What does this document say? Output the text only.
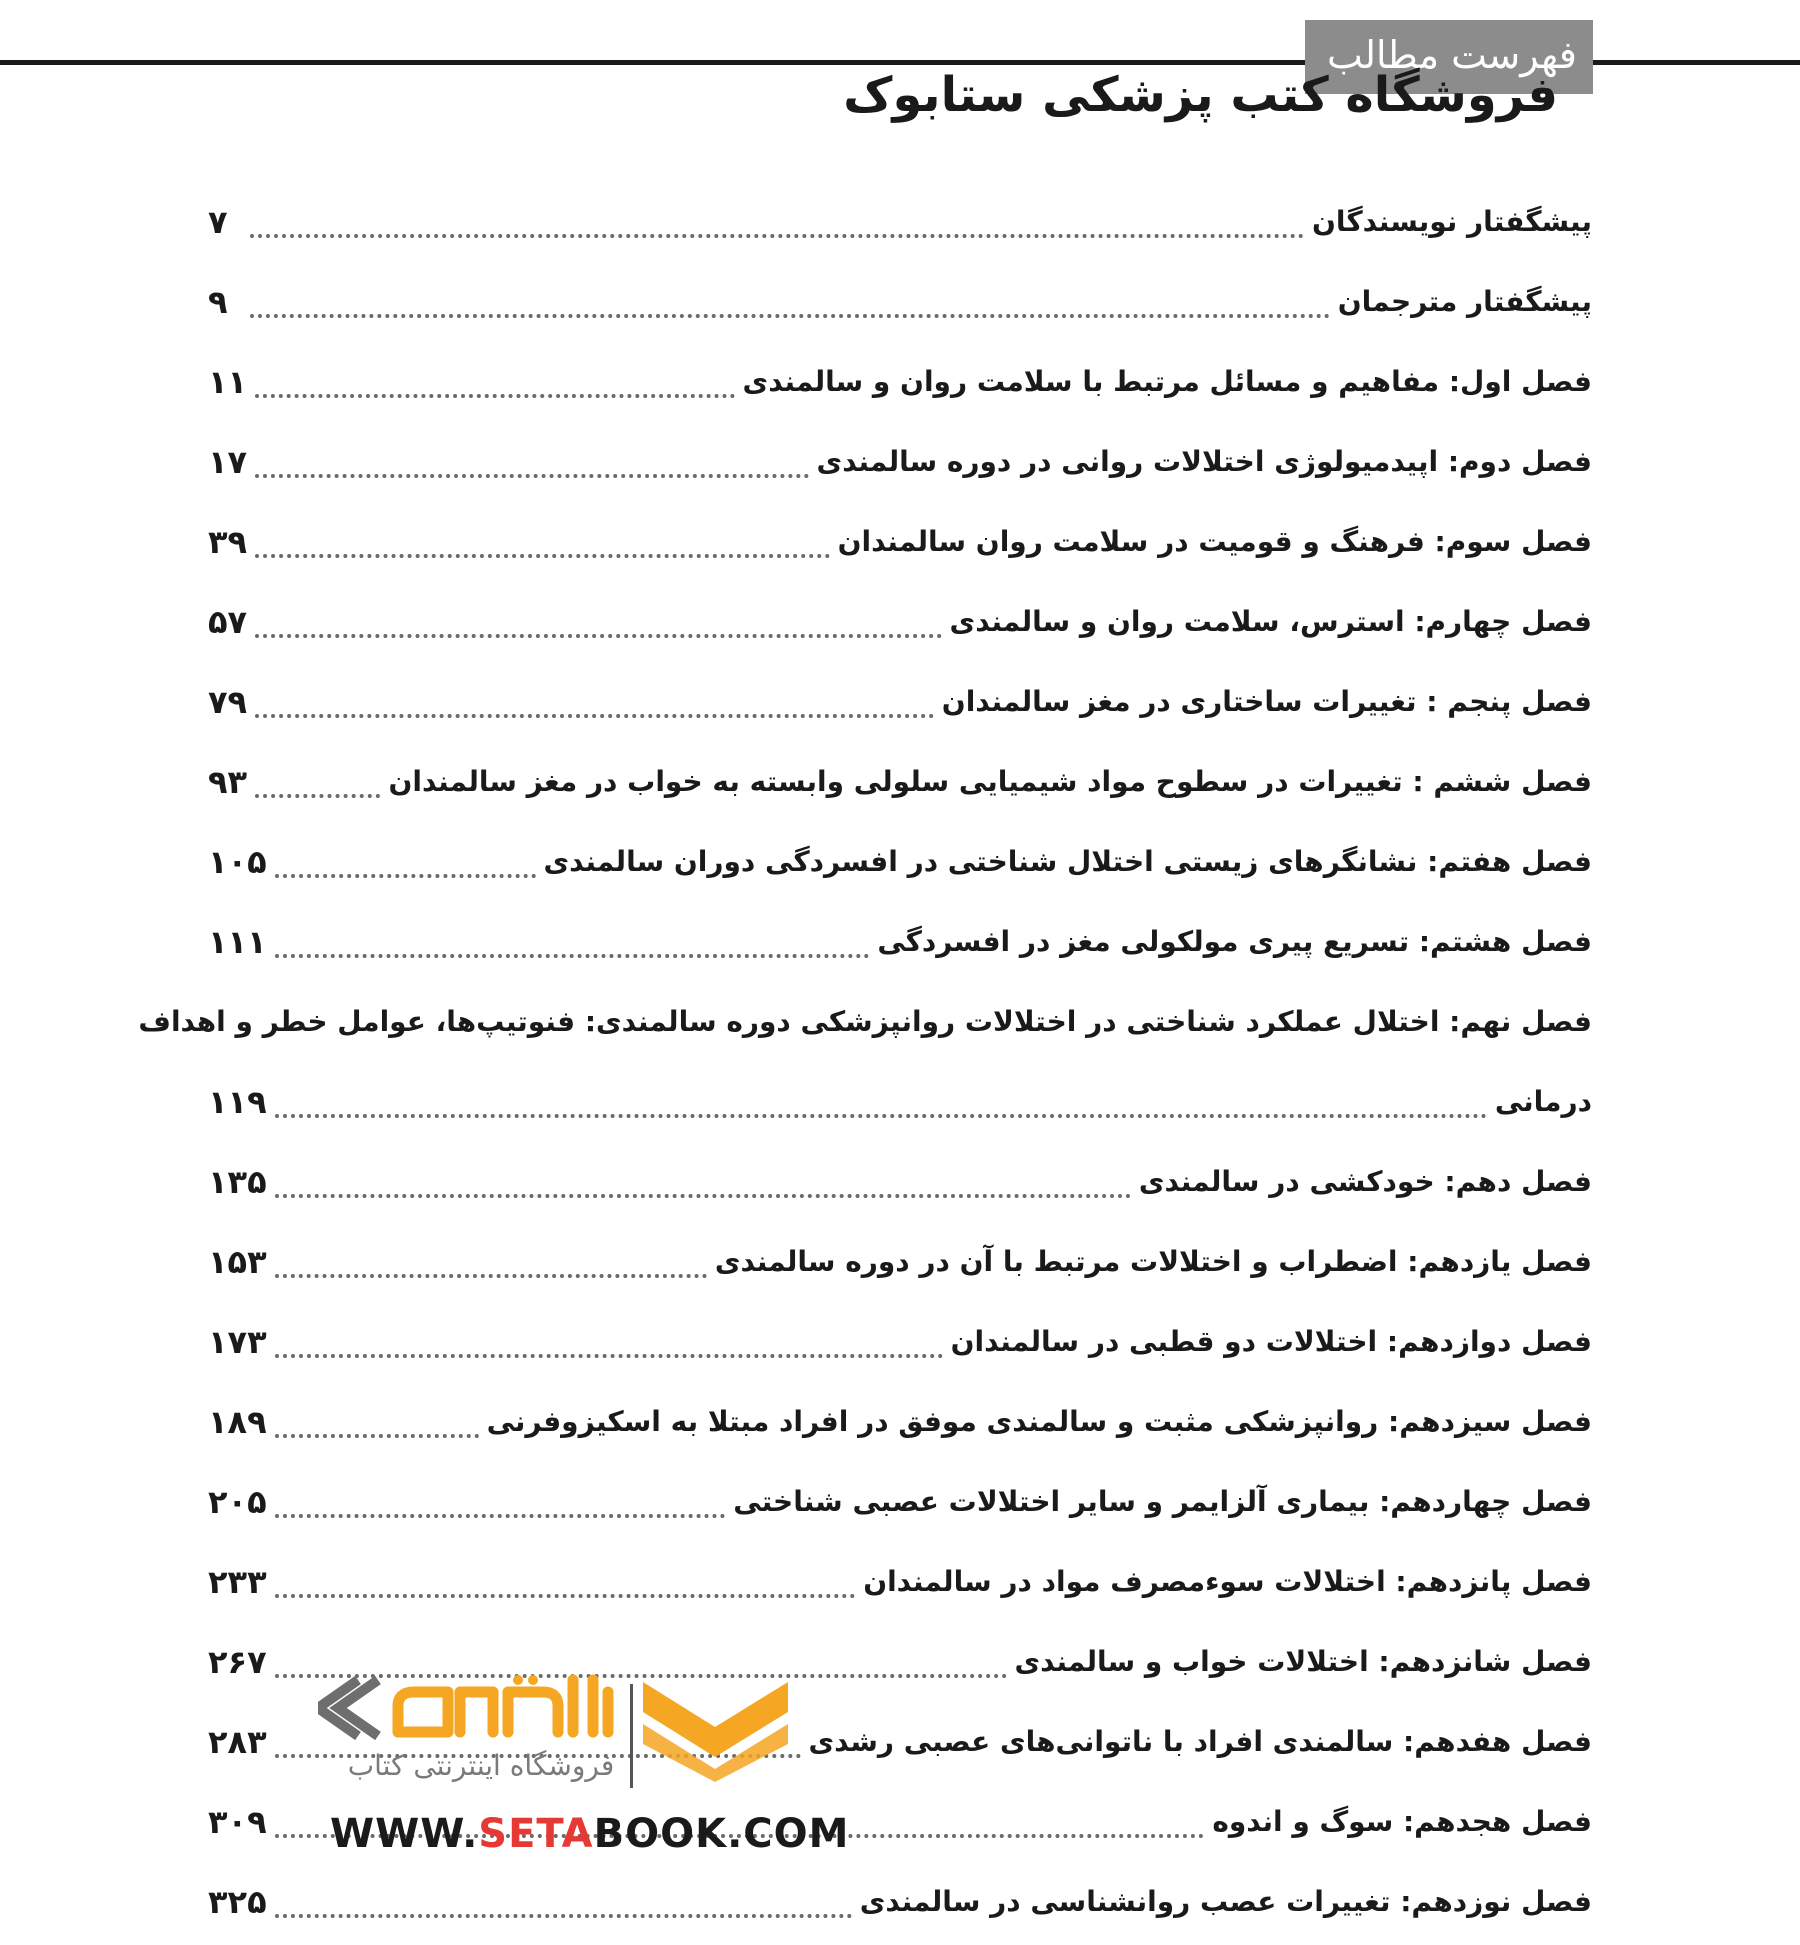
فهرست مطالب
فروشگاه کتب پزشکی ستابوک
پیشگفتار نویسندگان
۷
پیشگفتار مترجمان
۹
فصل اول: مفاهیم و مسائل مرتبط با سلامت روان و سالمندی
۱۱
فصل دوم: اپیدمیولوژی اختلالات روانی در دوره سالمندی
۱۷
فصل سوم: فرهنگ و قومیت در سلامت روان سالمندان
۳۹
فصل چهارم: استرس، سلامت روان و سالمندی
۵۷
فصل پنجم : تغییرات ساختاری در مغز سالمندان
۷۹
فصل ششم : تغییرات در سطوح مواد شیمیایی سلولی وابسته به خواب در مغز سالمندان
۹۳
فصل هفتم: نشانگرهای زیستی اختلال شناختی در افسردگی دوران سالمندی
۱۰۵
فصل هشتم: تسریع پیری مولکولی مغز در افسردگی
۱۱۱
فصل نهم: اختلال عملکرد شناختی در اختلالات روانپزشکی دوره سالمندی: فنوتیپ‌ها، عوامل خطر و اهداف
درمانی
۱۱۹
فصل دهم: خودکشی در سالمندی
۱۳۵
فصل یازدهم: اضطراب و اختلالات مرتبط با آن در دوره سالمندی
۱۵۳
فصل دوازدهم: اختلالات دو قطبی در سالمندان
۱۷۳
فصل سیزدهم: روانپزشکی مثبت و سالمندی موفق در افراد مبتلا به اسکیزوفرنی
۱۸۹
فصل چهاردهم: بیماری آلزایمر و سایر اختلالات عصبی شناختی
۲۰۵
فصل پانزدهم: اختلالات سوءمصرف مواد در سالمندان
۲۳۳
فصل شانزدهم: اختلالات خواب و سالمندی
۲۶۷
فصل هفدهم: سالمندی افراد با ناتوانی‌های عصبی رشدی
۲۸۳
فصل هجدهم: سوگ و اندوه
۳۰۹
فصل نوزدهم: تغییرات عصب روانشناسی در سالمندی
۳۲۵
فروشگاه اینترنتی کتاب
WWW.SETABOOK.COM
